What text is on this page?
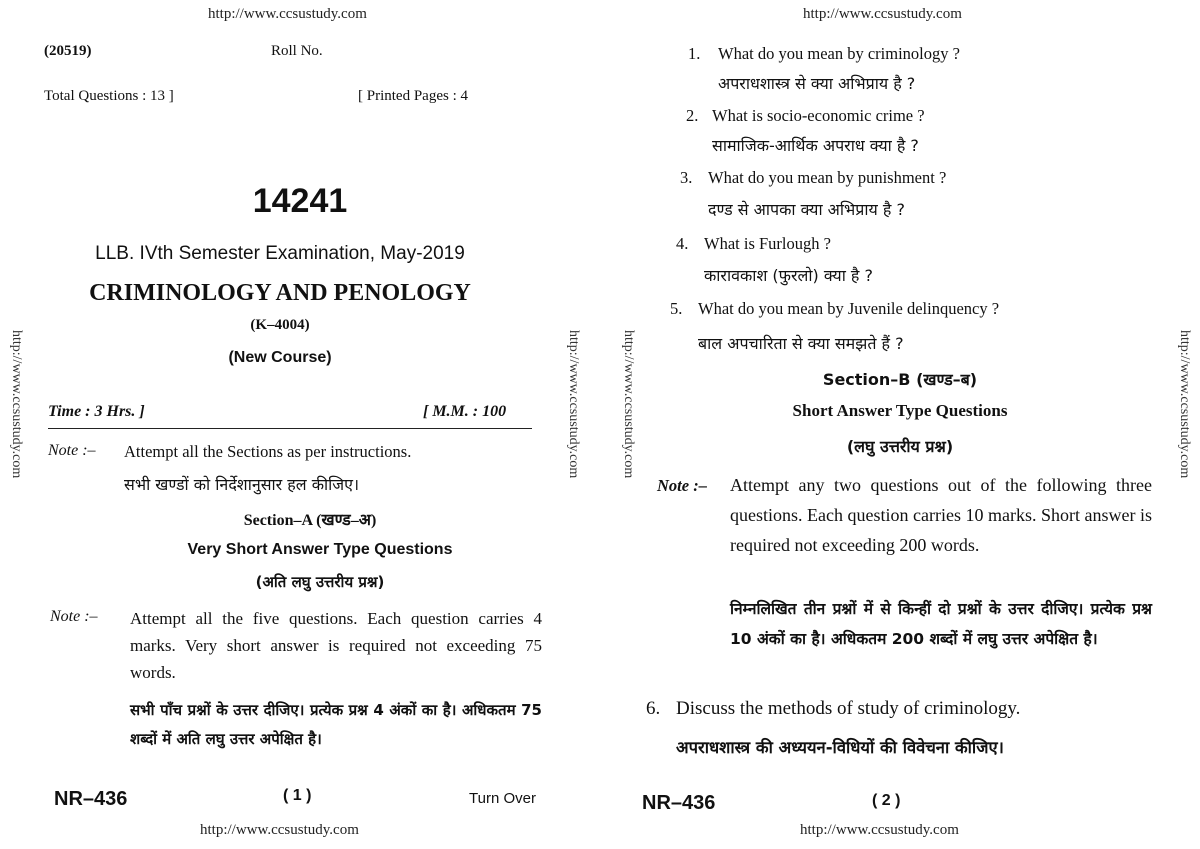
http://www.ccsustudy.com
(20519)	Roll No.
Total Questions : 13 ]	[ Printed Pages : 4
14241
LLB. IVth Semester Examination, May-2019
CRIMINOLOGY AND PENOLOGY
(K–4004)
(New Course)
Time : 3 Hrs. ]	[ M.M. : 100
Note :– Attempt all the Sections as per instructions.
सभी खण्डों को निर्देशानुसार हल कीजिए।
Section–A (खण्ड–अ)
Very Short Answer Type Questions
(अति लघु उत्तरीय प्रश्न)
Note :– Attempt all the five questions. Each question carries 4 marks. Very short answer is required not exceeding 75 words.
सभी पाँच प्रश्नों के उत्तर दीजिए। प्रत्येक प्रश्न 4 अंकों का है। अधिकतम 75 शब्दों में अति लघु उत्तर अपेक्षित है।
NR–436	( 1 )	Turn Over
http://www.ccsustudy.com
http://www.ccsustudy.com	http://www.ccsustudy.com
http://www.ccsustudy.com
1. What do you mean by criminology ?
अपराधशास्त्र से क्या अभिप्राय है ?
2. What is socio-economic crime ?
सामाजिक-आर्थिक अपराध क्या है ?
3. What do you mean by punishment ?
दण्ड से आपका क्या अभिप्राय है ?
4. What is Furlough ?
कारावकाश (फुरलो) क्या है ?
5. What do you mean by Juvenile delinquency ?
बाल अपचारिता से क्या समझते हैं ?
Section–B (खण्ड–ब)
Short Answer Type Questions
(लघु उत्तरीय प्रश्न)
Note :– Attempt any two questions out of the following three questions. Each question carries 10 marks. Short answer is required not exceeding 200 words.
निम्नलिखित तीन प्रश्नों में से किन्हीं दो प्रश्नों के उत्तर दीजिए। प्रत्येक प्रश्न 10 अंकों का है। अधिकतम 200 शब्दों में लघु उत्तर अपेक्षित है।
6. Discuss the methods of study of criminology.
अपराधशास्त्र की अध्ययन-विधियों की विवेचना कीजिए।
NR–436	( 2 )
http://www.ccsustudy.com
http://www.ccsustudy.com	http://www.ccsustudy.com
